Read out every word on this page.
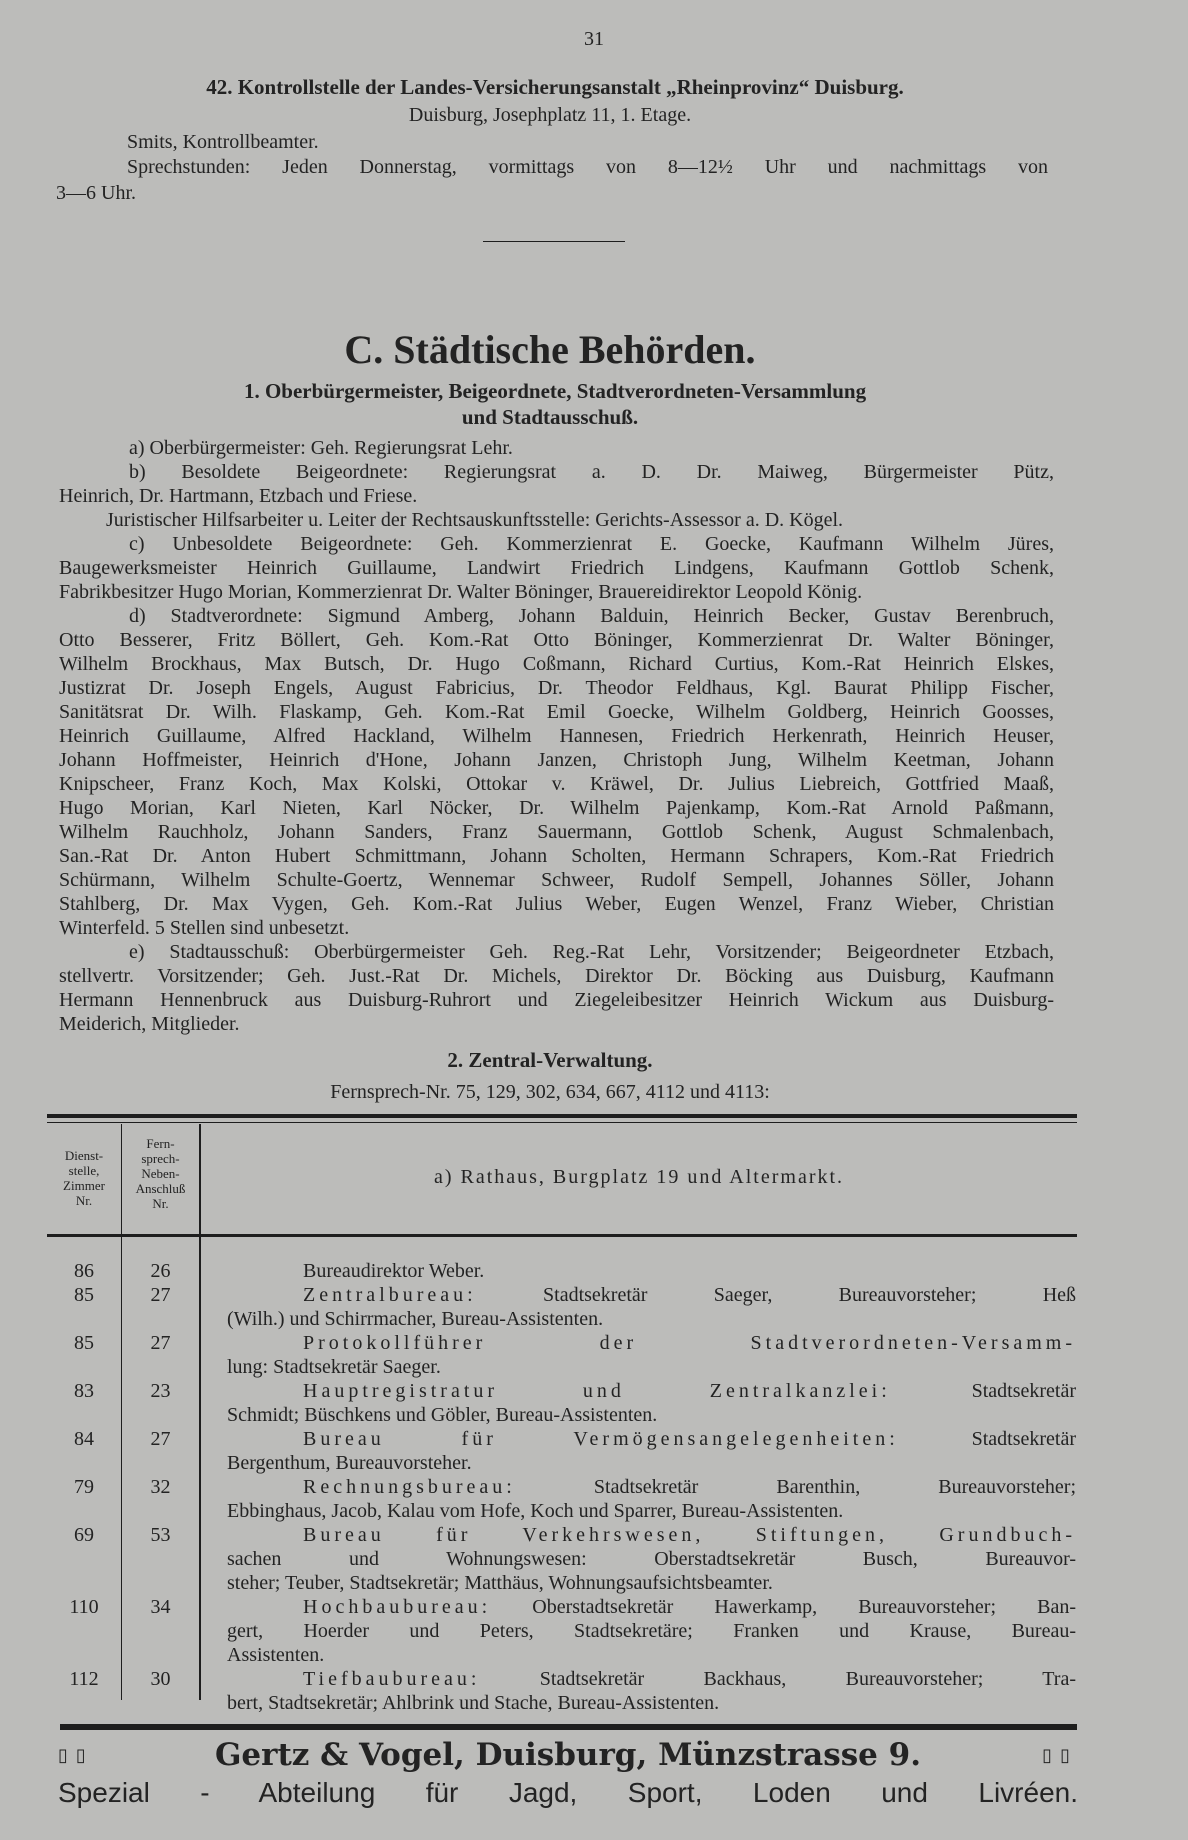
31
42. Kontrollstelle der Landes-Versicherungsanstalt „Rheinprovinz“ Duisburg.
Duisburg, Josephplatz 11, 1. Etage.
Smits, Kontrollbeamter.
Sprechstunden: Jeden Donnerstag, vormittags von 8—12½ Uhr und nachmittags von
3—6 Uhr.
C. Städtische Behörden.
1. Oberbürgermeister, Beigeordnete, Stadtverordneten-Versammlung
und Stadtausschuß.
a) Oberbürgermeister: Geh. Regierungsrat Lehr.
b) Besoldete Beigeordnete: Regierungsrat a. D. Dr. Maiweg, Bürgermeister Pütz,
Heinrich, Dr. Hartmann, Etzbach und Friese.
Juristischer Hilfsarbeiter u. Leiter der Rechtsauskunftsstelle: Gerichts-Assessor a. D. Kögel.
c) Unbesoldete Beigeordnete: Geh. Kommerzienrat E. Goecke, Kaufmann Wilhelm Jüres,
Baugewerksmeister Heinrich Guillaume, Landwirt Friedrich Lindgens, Kaufmann Gottlob Schenk,
Fabrikbesitzer Hugo Morian, Kommerzienrat Dr. Walter Böninger, Brauereidirektor Leopold König.
d) Stadtverordnete: Sigmund Amberg, Johann Balduin, Heinrich Becker, Gustav Berenbruch,
Otto Besserer, Fritz Böllert, Geh. Kom.-Rat Otto Böninger, Kommerzienrat Dr. Walter Böninger,
Wilhelm Brockhaus, Max Butsch, Dr. Hugo Coßmann, Richard Curtius, Kom.-Rat Heinrich Elskes,
Justizrat Dr. Joseph Engels, August Fabricius, Dr. Theodor Feldhaus, Kgl. Baurat Philipp Fischer,
Sanitätsrat Dr. Wilh. Flaskamp, Geh. Kom.-Rat Emil Goecke, Wilhelm Goldberg, Heinrich Goosses,
Heinrich Guillaume, Alfred Hackland, Wilhelm Hannesen, Friedrich Herkenrath, Heinrich Heuser,
Johann Hoffmeister, Heinrich d'Hone, Johann Janzen, Christoph Jung, Wilhelm Keetman, Johann
Knipscheer, Franz Koch, Max Kolski, Ottokar v. Kräwel, Dr. Julius Liebreich, Gottfried Maaß,
Hugo Morian, Karl Nieten, Karl Nöcker, Dr. Wilhelm Pajenkamp, Kom.-Rat Arnold Paßmann,
Wilhelm Rauchholz, Johann Sanders, Franz Sauermann, Gottlob Schenk, August Schmalenbach,
San.-Rat Dr. Anton Hubert Schmittmann, Johann Scholten, Hermann Schrapers, Kom.-Rat Friedrich
Schürmann, Wilhelm Schulte-Goertz, Wennemar Schweer, Rudolf Sempell, Johannes Söller, Johann
Stahlberg, Dr. Max Vygen, Geh. Kom.-Rat Julius Weber, Eugen Wenzel, Franz Wieber, Christian
Winterfeld. 5 Stellen sind unbesetzt.
e) Stadtausschuß: Oberbürgermeister Geh. Reg.-Rat Lehr, Vorsitzender; Beigeordneter Etzbach,
stellvertr. Vorsitzender; Geh. Just.-Rat Dr. Michels, Direktor Dr. Böcking aus Duisburg, Kaufmann
Hermann Hennenbruck aus Duisburg-Ruhrort und Ziegeleibesitzer Heinrich Wickum aus Duisburg-
Meiderich, Mitglieder.
2. Zentral-Verwaltung.
Fernsprech-Nr. 75, 129, 302, 634, 667, 4112 und 4113:
Dienst-
stelle,
Zimmer
Nr.
Fern-
sprech-
Neben-
Anschluß
Nr.
a) Rathaus, Burgplatz 19 und Altermarkt.
86	26	Bureaudirektor Weber.
85	27	Zentralbureau:	Stadtsekretär Saeger, Bureauvorsteher; Heß
(Wilh.) und Schirrmacher, Bureau-Assistenten.
85	27	Protokollführer der Stadtverordneten-Versamm-
lung: Stadtsekretär Saeger.
83	23	Hauptregistratur und Zentralkanzlei:	Stadtsekretär
Schmidt; Büschkens und Göbler, Bureau-Assistenten.
84	27	Bureau für Vermögensangelegenheiten:	Stadtsekretär
Bergenthum, Bureauvorsteher.
79	32	Rechnungsbureau:	Stadtsekretär Barenthin, Bureauvorsteher;
Ebbinghaus, Jacob, Kalau vom Hofe, Koch und Sparrer, Bureau-Assistenten.
69	53	Bureau für Verkehrswesen, Stiftungen, Grundbuch-
sachen und Wohnungswesen: Oberstadtsekretär Busch, Bureauvor-
steher; Teuber, Stadtsekretär; Matthäus, Wohnungsaufsichtsbeamter.
110	34	Hochbaubureau: Oberstadtsekretär Hawerkamp, Bureauvorsteher; Ban-
gert, Hoerder und Peters, Stadtsekretäre; Franken und Krause, Bureau-
Assistenten.
112	30	Tiefbaubureau:	Stadtsekretär Backhaus, Bureauvorsteher; Tra-
bert, Stadtsekretär; Ahlbrink und Stache, Bureau-Assistenten.
▯▯	Gertz & Vogel, Duisburg, Münzstrasse 9.	▯▯
Spezial - Abteilung für Jagd, Sport, Loden und Livréen.
